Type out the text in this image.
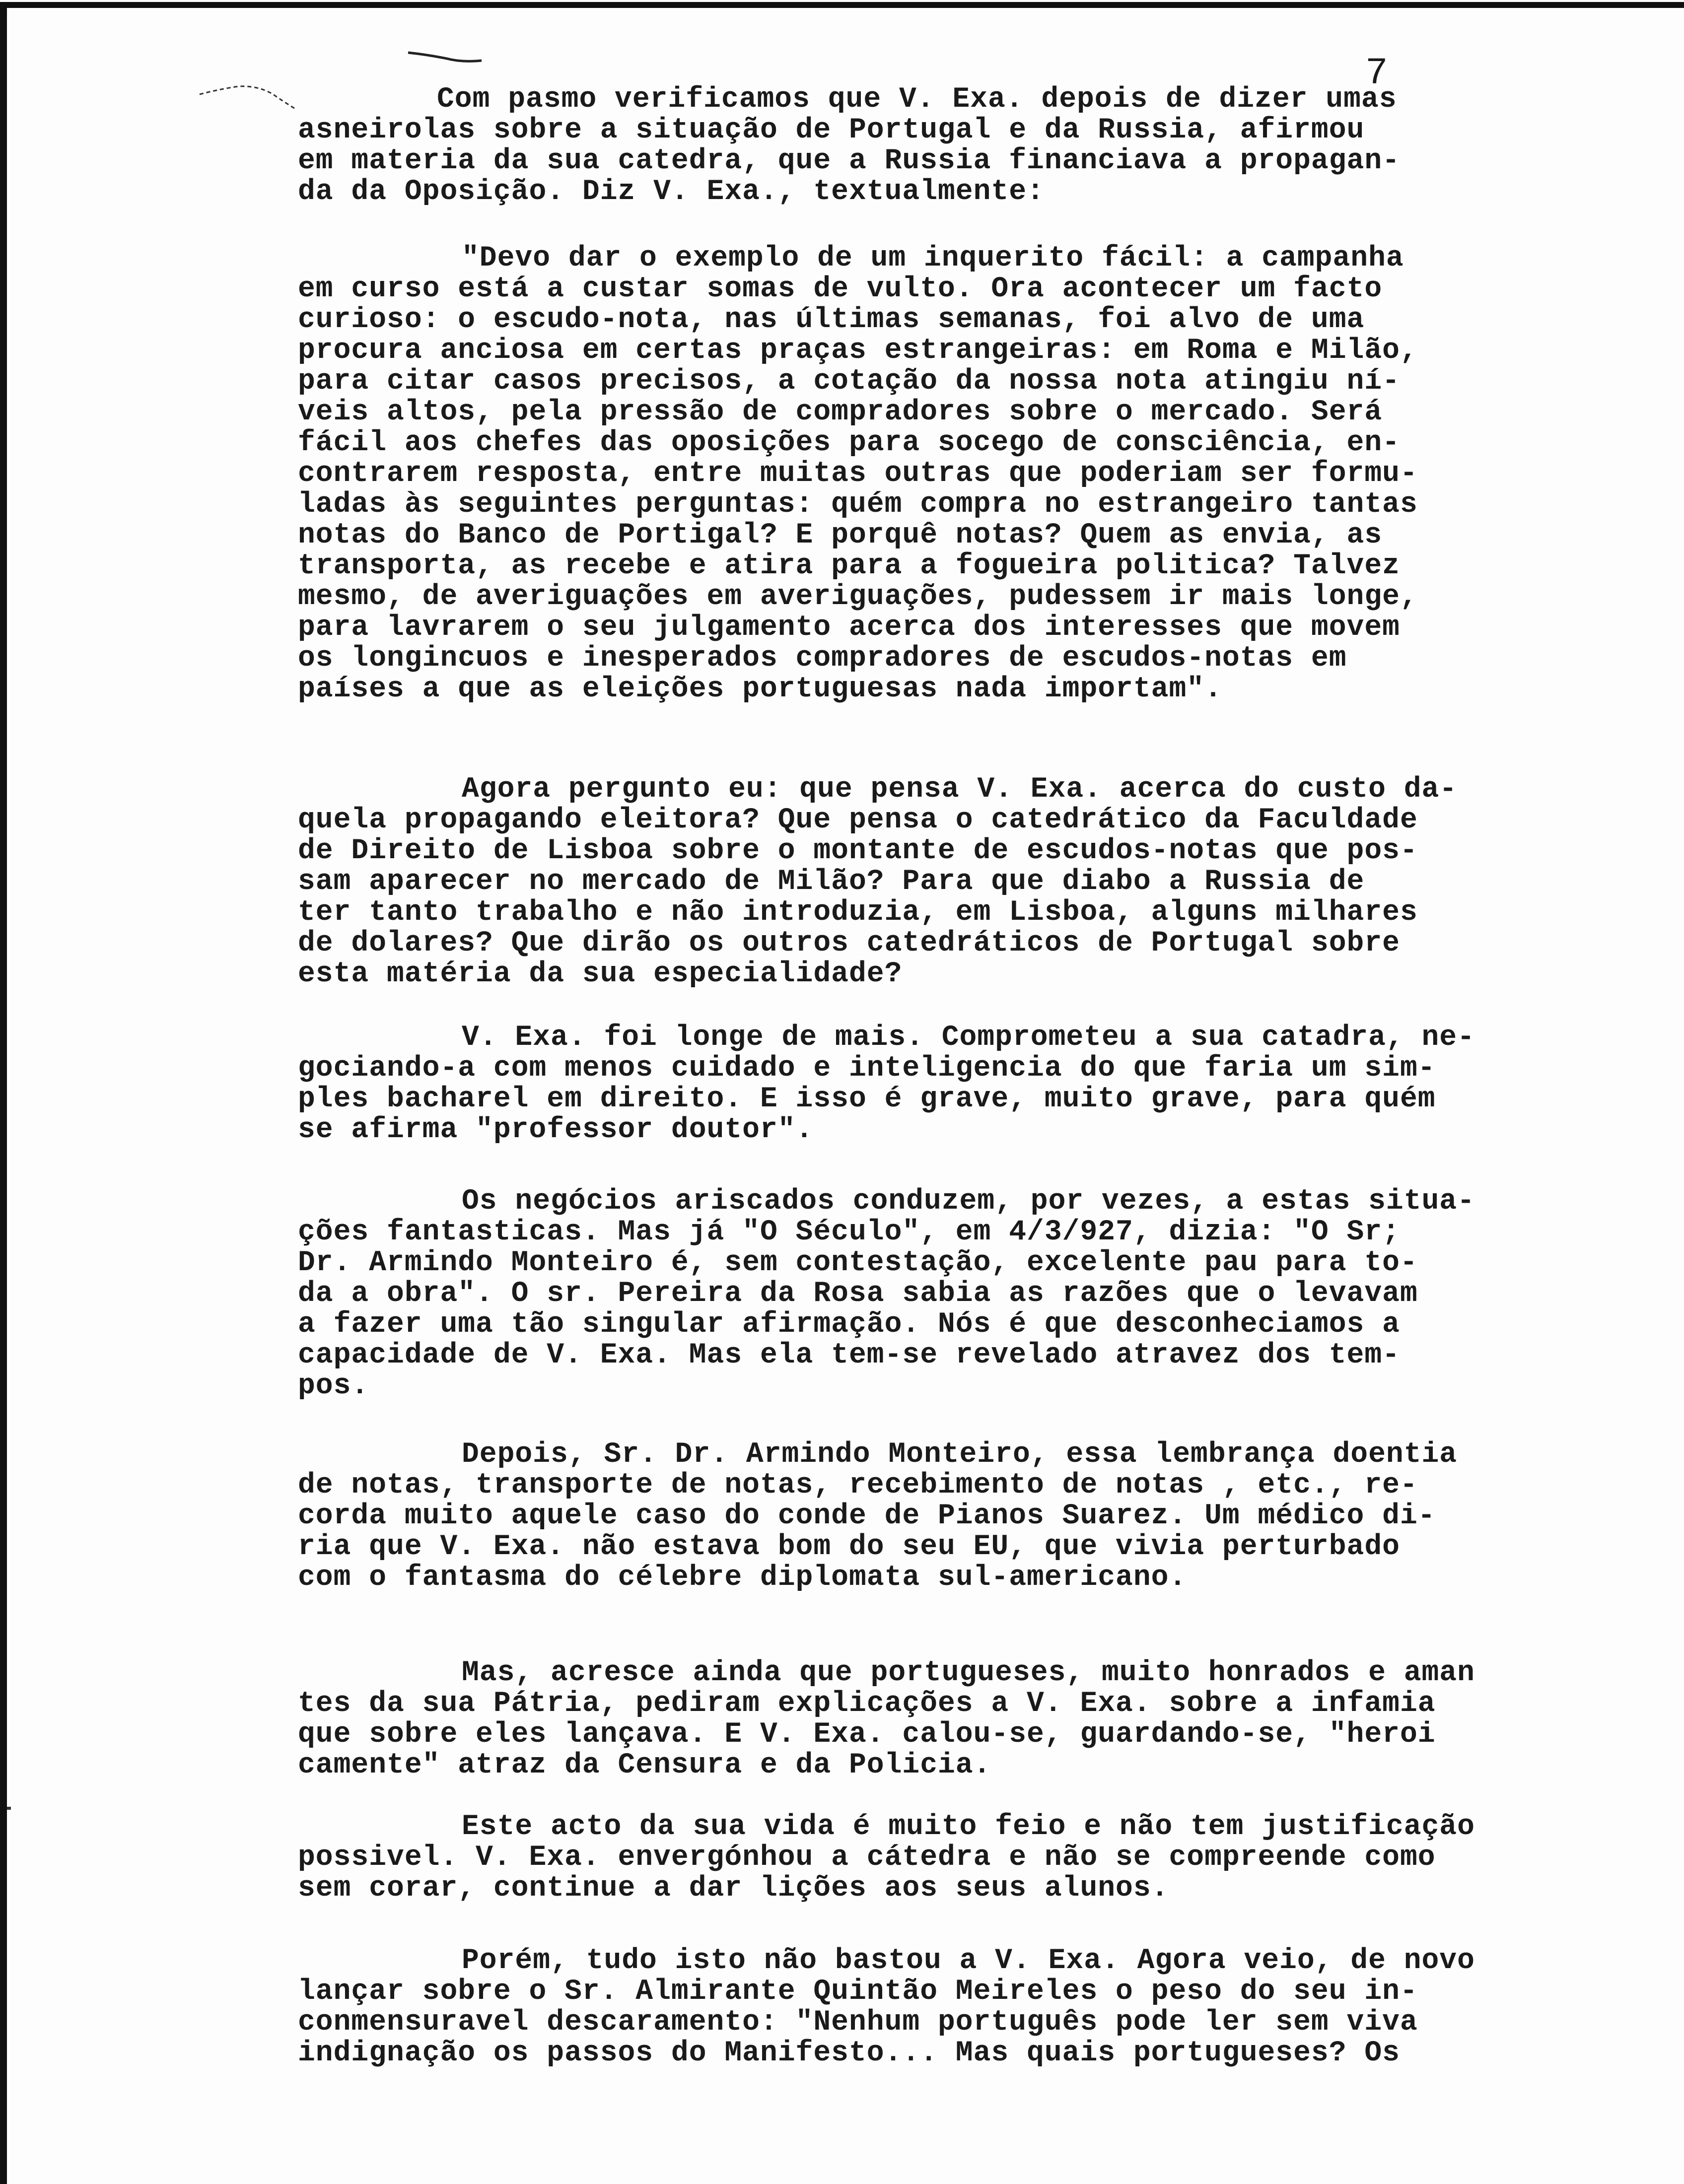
7
Com pasmo verificamos que V. Exa. depois de dizer umas
asneirolas sobre a situação de Portugal e da Russia, afirmou
em materia da sua catedra, que a Russia financiava a propagan-
da da Oposição. Diz V. Exa., textualmente:
"Devo dar o exemplo de um inquerito fácil: a campanha
em curso está a custar somas de vulto. Ora acontecer um facto
curioso: o escudo-nota, nas últimas semanas, foi alvo de uma
procura anciosa em certas praças estrangeiras: em Roma e Milão,
para citar casos precisos, a cotação da nossa nota atingiu ní-
veis altos, pela pressão de compradores sobre o mercado. Será
fácil aos chefes das oposições para socego de consciência, en-
contrarem resposta, entre muitas outras que poderiam ser formu-
ladas às seguintes perguntas: quém compra no estrangeiro tantas
notas do Banco de Portigal? E porquê notas? Quem as envia, as
transporta, as recebe e atira para a fogueira politica? Talvez
mesmo, de averiguações em averiguações, pudessem ir mais longe,
para lavrarem o seu julgamento acerca dos interesses que movem
os longincuos e inesperados compradores de escudos-notas em
países a que as eleições portuguesas nada importam".
Agora pergunto eu: que pensa V. Exa. acerca do custo da-
quela propagando eleitora? Que pensa o catedrático da Faculdade
de Direito de Lisboa sobre o montante de escudos-notas que pos-
sam aparecer no mercado de Milão? Para que diabo a Russia de
ter tanto trabalho e não introduzia, em Lisboa, alguns milhares
de dolares? Que dirão os outros catedráticos de Portugal sobre
esta matéria da sua especialidade?
V. Exa. foi longe de mais. Comprometeu a sua catadra, ne-
gociando-a com menos cuidado e inteligencia do que faria um sim-
ples bacharel em direito. E isso é grave, muito grave, para quém
se afirma "professor doutor".
Os negócios ariscados conduzem, por vezes, a estas situa-
ções fantasticas. Mas já "O Século", em 4/3/927, dizia: "O Sr;
Dr. Armindo Monteiro é, sem contestação, excelente pau para to-
da a obra". O sr. Pereira da Rosa sabia as razões que o levavam
a fazer uma tão singular afirmação. Nós é que desconheciamos a
capacidade de V. Exa. Mas ela tem-se revelado atravez dos tem-
pos.
Depois, Sr. Dr. Armindo Monteiro, essa lembrança doentia
de notas, transporte de notas, recebimento de notas , etc., re-
corda muito aquele caso do conde de Pianos Suarez. Um médico di-
ria que V. Exa. não estava bom do seu EU, que vivia perturbado
com o fantasma do célebre diplomata sul-americano.
Mas, acresce ainda que portugueses, muito honrados e aman
tes da sua Pátria, pediram explicações a V. Exa. sobre a infamia
que sobre eles lançava. E V. Exa. calou-se, guardando-se, "heroi
camente" atraz da Censura e da Policia.
Este acto da sua vida é muito feio e não tem justificação
possivel. V. Exa. envergónhou a cátedra e não se compreende como
sem corar, continue a dar lições aos seus alunos.
Porém, tudo isto não bastou a V. Exa. Agora veio, de novo
lançar sobre o Sr. Almirante Quintão Meireles o peso do seu in-
conmensuravel descaramento: "Nenhum português pode ler sem viva
indignação os passos do Manifesto... Mas quais portugueses? Os
